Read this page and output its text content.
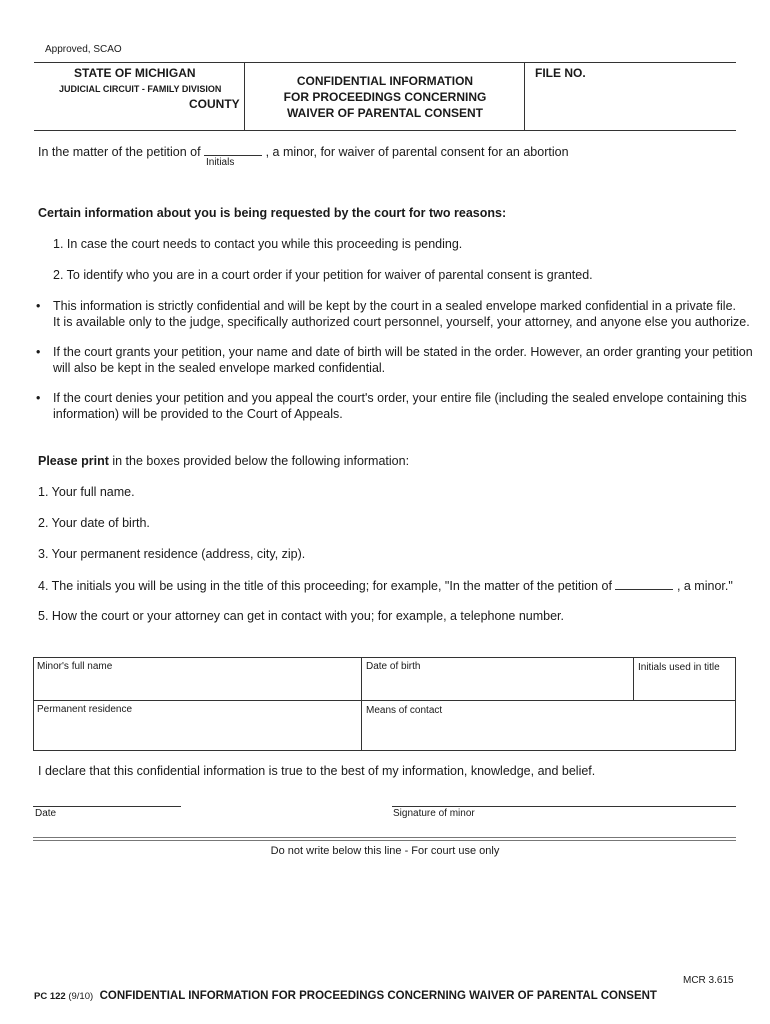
Approved, SCAO
STATE OF MICHIGAN
JUDICIAL CIRCUIT - FAMILY DIVISION
COUNTY
CONFIDENTIAL INFORMATION
FOR PROCEEDINGS CONCERNING
WAIVER OF PARENTAL CONSENT
FILE NO.
In the matter of the petition of	, a minor, for waiver of parental consent for an abortion
Initials
Certain information about you is being requested by the court for two reasons:
1. In case the court needs to contact you while this proceeding is pending.
2. To identify who you are in a court order if your petition for waiver of parental consent is granted.
• This information is strictly confidential and will be kept by the court in a sealed envelope marked confidential in a private file.
It is available only to the judge, specifically authorized court personnel, yourself, your attorney, and anyone else you authorize.
• If the court grants your petition, your name and date of birth will be stated in the order. However, an order granting your petition
will also be kept in the sealed envelope marked confidential.
• If the court denies your petition and you appeal the court's order, your entire file (including the sealed envelope containing this
information) will be provided to the Court of Appeals.
Please print in the boxes provided below the following information:
1. Your full name.
2. Your date of birth.
3. Your permanent residence (address, city, zip).
4. The initials you will be using in the title of this proceeding; for example, "In the matter of the petition of	, a minor."
5. How the court or your attorney can get in contact with you; for example, a telephone number.
Minor's full name	Date of birth	Initials used in title
Permanent residence	Means of contact
I declare that this confidential information is true to the best of my information, knowledge, and belief.
Date	Signature of minor
Do not write below this line - For court use only
MCR 3.615
PC 122 (9/10) CONFIDENTIAL INFORMATION FOR PROCEEDINGS CONCERNING WAIVER OF PARENTAL CONSENT
